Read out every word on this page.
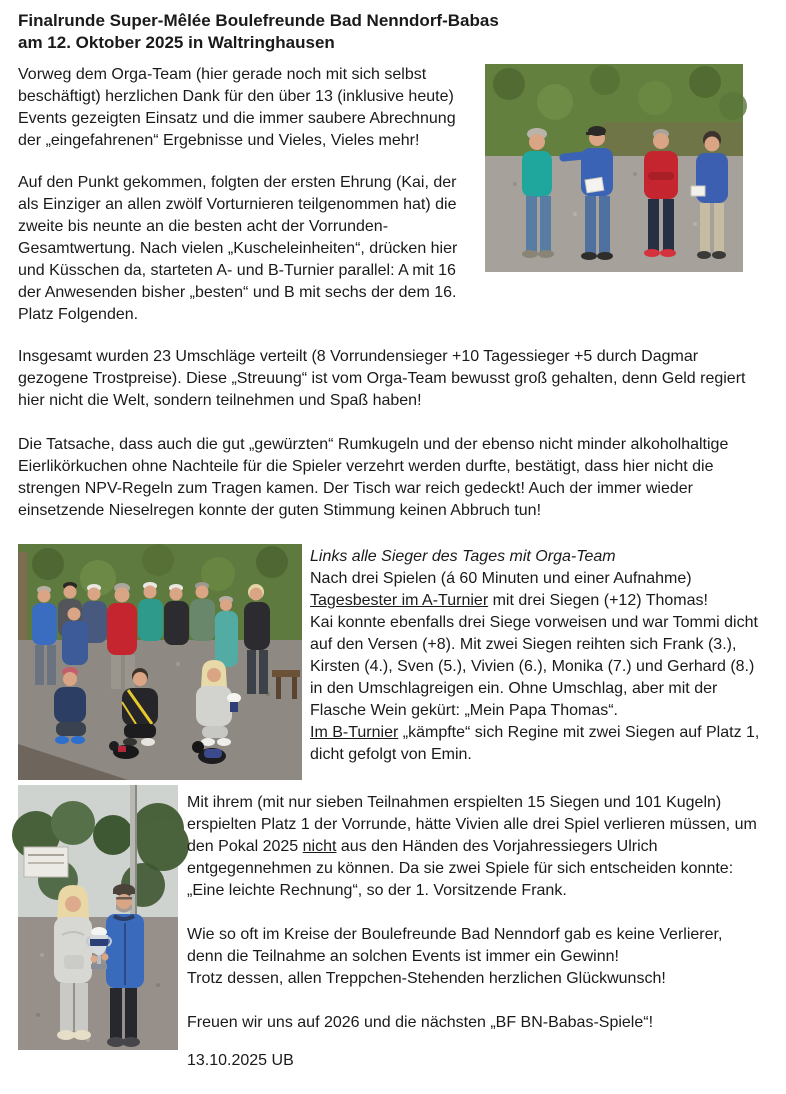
Finalrunde Super-Mêlée Boulefreunde Bad Nenndorf-Babas
am 12. Oktober 2025 in Waltringhausen

Vorweg dem Orga-Team (hier gerade noch mit sich selbst beschäftigt) herzlichen Dank für den über 13 (inklusive heute) Events gezeigten Einsatz und die immer saubere Abrechnung der „eingefahrenen“ Ergebnisse und Vieles, Vieles mehr!

Auf den Punkt gekommen, folgten der ersten Ehrung (Kai, der als Einziger an allen zwölf Vorturnieren teilgenommen hat) die zweite bis neunte an die besten acht der Vorrunden-Gesamtwertung. Nach vielen „Kuscheleinheiten“, drücken hier und Küsschen da, starteten A- und B-Turnier parallel: A mit 16 der Anwesenden bisher „besten“ und B mit sechs der dem 16. Platz Folgenden.

Insgesamt wurden 23 Umschläge verteilt (8 Vorrundensieger +10 Tagessieger +5 durch Dagmar gezogene Trostpreise). Diese „Streuung“ ist vom Orga-Team bewusst groß gehalten, denn Geld regiert hier nicht die Welt, sondern teilnehmen und Spaß haben!

Die Tatsache, dass auch die gut „gewürzten“ Rumkugeln und der ebenso nicht minder alkoholhaltige Eierlikörkuchen ohne Nachteile für die Spieler verzehrt werden durfte, bestätigt, dass hier nicht die strengen NPV-Regeln zum Tragen kamen. Der Tisch war reich gedeckt! Auch der immer wieder einsetzende Nieselregen konnte der guten Stimmung keinen Abbruch tun!

Links alle Sieger des Tages mit Orga-Team

Nach drei Spielen (á 60 Minuten und einer Aufnahme)

Tagesbester im A-Turnier mit drei Siegen (+12) Thomas!

Kai konnte ebenfalls drei Siege vorweisen und war Tommi dicht auf den Versen (+8). Mit zwei Siegen reihten sich Frank (3.), Kirsten (4.), Sven (5.), Vivien (6.), Monika (7.) und Gerhard (8.) in den Umschlagreigen ein. Ohne Umschlag, aber mit der Flasche Wein gekürt: „Mein Papa Thomas“.

Im B-Turnier „kämpfte“ sich Regine mit zwei Siegen auf Platz 1, dicht gefolgt von Emin.

Mit ihrem (mit nur sieben Teilnahmen erspielten 15 Siegen und 101 Kugeln) erspielten Platz 1 der Vorrunde, hätte Vivien alle drei Spiel verlieren müssen, um den Pokal 2025 nicht aus den Händen des Vorjahressiegers Ulrich entgegennehmen zu können. Da sie zwei Spiele für sich entscheiden konnte: „Eine leichte Rechnung“, so der 1. Vorsitzende Frank.

Wie so oft im Kreise der Boulefreunde Bad Nenndorf gab es keine Verlierer,
denn die Teilnahme an solchen Events ist immer ein Gewinn!
Trotz dessen, allen Treppchen-Stehenden herzlichen Glückwunsch!

Freuen wir uns auf 2026 und die nächsten „BF BN-Babas-Spiele“!

13.10.2025 UB
